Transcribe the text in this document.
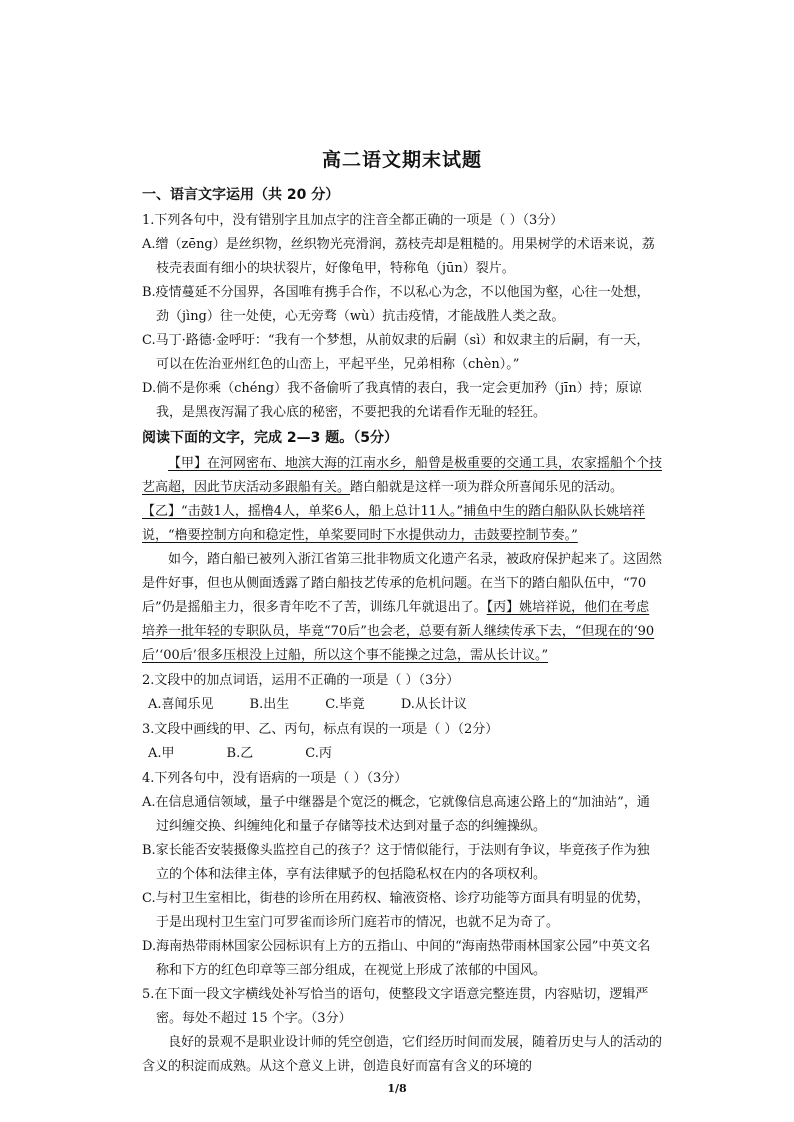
高二语文期末试题
一、语言文字运用（共 20 分）

1.下列各句中，没有错别字且加点字的注音全都正确的一项是（ ）（3分）

A.缯（zēng）是丝织物，丝织物光亮滑润，荔枝壳却是粗糙的。用果树学的术语来说，荔枝壳表面有细小的块状裂片，好像龟甲，特称龟（jūn）裂片。

B.疫情蔓延不分国界，各国唯有携手合作，不以私心为念，不以他国为壑，心往一处想，劲（jìng）往一处使，心无旁骛（wù）抗击疫情，才能战胜人类之敌。

C.马丁·路德·金呼吁：“我有一个梦想，从前奴隶的后嗣（sì）和奴隶主的后嗣，有一天，可以在佐治亚州红色的山峦上，平起平坐，兄弟相称（chèn）。”

D.倘不是你乘（chéng）我不备偷听了我真情的表白，我一定会更加矜（jīn）持；原谅我，是黑夜泻漏了我心底的秘密，不要把我的允诺看作无耻的轻狂。

阅读下面的文字，完成 2—3 题。（5分）

【甲】在河网密布、地滨大海的江南水乡，船曾是极重要的交通工具，农家摇船个个技艺高超，因此节庆活动多跟船有关。踏白船就是这样一项为群众所喜闻乐见的活动。【乙】“击鼓1人，摇橹4人，单桨6人，船上总计11人。”捕鱼中生的踏白船队队长姚培祥说，“橹要控制方向和稳定性，单桨要同时下水提供动力，击鼓要控制节奏。”

如今，踏白船已被列入浙江省第三批非物质文化遗产名录，被政府保护起来了。这固然是件好事，但也从侧面透露了踏白船技艺传承的危机问题。在当下的踏白船队伍中，“70后”仍是摇船主力，很多青年吃不了苦，训练几年就退出了。【丙】姚培祥说，他们在考虑培养一批年轻的专职队员，毕竟“70后”也会老，总要有新人继续传承下去，“但现在的‘90后’‘00后’很多压根没上过船，所以这个事不能操之过急，需从长计议。”

2.文段中的加点词语，运用不正确的一项是（ ）（3分）

A.喜闻乐见	B.出生	C.毕竟	D.从长计议

3.文段中画线的甲、乙、丙句，标点有误的一项是（ ）（2分）

A.甲	B.乙	C.丙

4.下列各句中，没有语病的一项是（ ）（3分）

A.在信息通信领域，量子中继器是个宽泛的概念，它就像信息高速公路上的“加油站”，通过纠缠交换、纠缠纯化和量子存储等技术达到对量子态的纠缠操纵。

B.家长能否安装摄像头监控自己的孩子？这于情似能行，于法则有争议，毕竟孩子作为独立的个体和法律主体，享有法律赋予的包括隐私权在内的各项权利。

C.与村卫生室相比，街巷的诊所在用药权、输液资格、诊疗功能等方面具有明显的优势，于是出现村卫生室门可罗雀而诊所门庭若市的情况，也就不足为奇了。

D.海南热带雨林国家公园标识有上方的五指山、中间的“海南热带雨林国家公园”中英文名称和下方的红色印章等三部分组成，在视觉上形成了浓郁的中国风。

5.在下面一段文字横线处补写恰当的语句，使整段文字语意完整连贯，内容贴切，逻辑严密。每处不超过 15 个字。（3分）

良好的景观不是职业设计师的凭空创造，它们经历时间而发展，随着历史与人的活动的含义的积淀而成熟。从这个意义上讲，创造良好而富有含义的环境的

1/8
